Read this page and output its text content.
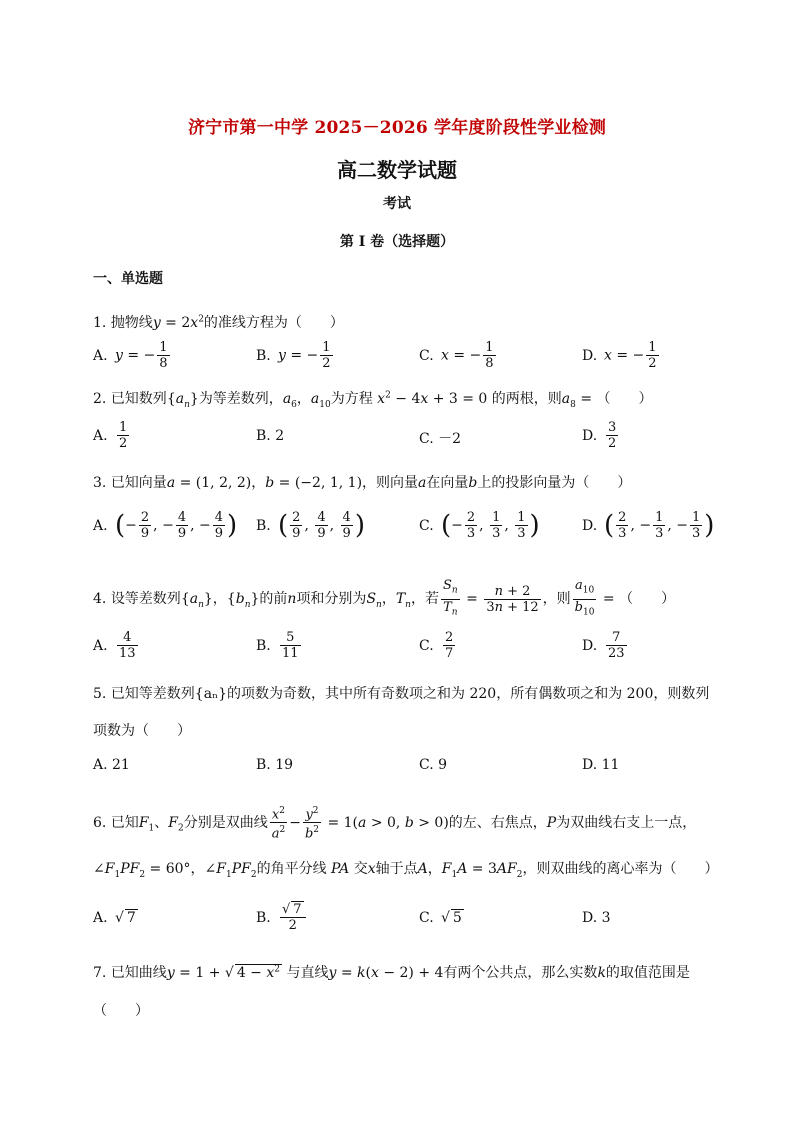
济宁市第一中学 2025－2026 学年度阶段性学业检测
高二数学试题
考试
第 I 卷（选择题）
一、单选题
1. 抛物线$y = 2x^2$的准线方程为（　　）
A. y = − $\frac{1}{8}$	B. y = − $\frac{1}{2}$	C. x = − $\frac{1}{8}$	D. x = − $\frac{1}{2}$
2. 已知数列$\{a_n\}$为等差数列，$a_6$，$a_{10}$为方程 $x^2 - 4x + 3 = 0$ 的两根，则$a_8$ = （　　）
A. $\frac{1}{2}$	B. 2	C. －2	D. $\frac{3}{2}$
3. 已知向量a = (1, 2, 2)，b = (−2, 1, 1)，则向量a在向量b上的投影向量为（　　）
A. (− $\frac{2}{9}$ , − $\frac{4}{9}$ , − $\frac{4}{9}$ ) B. ( $\frac{2}{9}$ , $\frac{4}{9}$ , $\frac{4}{9}$ )	C. (− $\frac{2}{3}$ , $\frac{1}{3}$ , $\frac{1}{3}$ )	D. ( $\frac{2}{3}$ , − $\frac{1}{3}$ , − $\frac{1}{3}$ )
4. 设等差数列$\{a_n\}$，$\{b_n\}$的前n项和分别为$S_n$，$T_n$，若 $\frac{S_n}{T_n} = \frac{n + 2}{3n + 12}$ ，则 $\frac{a_{10}}{b_{10}}$ = （　　）
A. $\frac{4}{13}$	B. $\frac{5}{11}$	C. $\frac{2}{7}$	D. $\frac{7}{23}$
5. 已知等差数列{aₙ}的项数为奇数，其中所有奇数项之和为 220，所有偶数项之和为 200，则数列
项数为（　　）
A. 21	B. 19	C. 9	D. 11
6. 已知$F_1$、$F_2$分别是双曲线 $\frac{x^2}{a^2} - \frac{y^2}{b^2} = 1(a > 0$, b > 0)的左、右焦点，P为双曲线右支上一点，
$\angle F_1PF_2 = 60^\circ$，$\angle F_1PF_2$的角平分线 PA 交x轴于点A，$F_1A = 3AF_2$，则双曲线的离心率为（　　）
A. √ 7	B. $\frac{√ 7}{2}$	C. √ 5	D. 3
7. 已知曲线y = 1 + √ $4 - x^2$ 与直线y = k(x − 2) + 4有两个公共点，那么实数k的取值范围是
（　　）
